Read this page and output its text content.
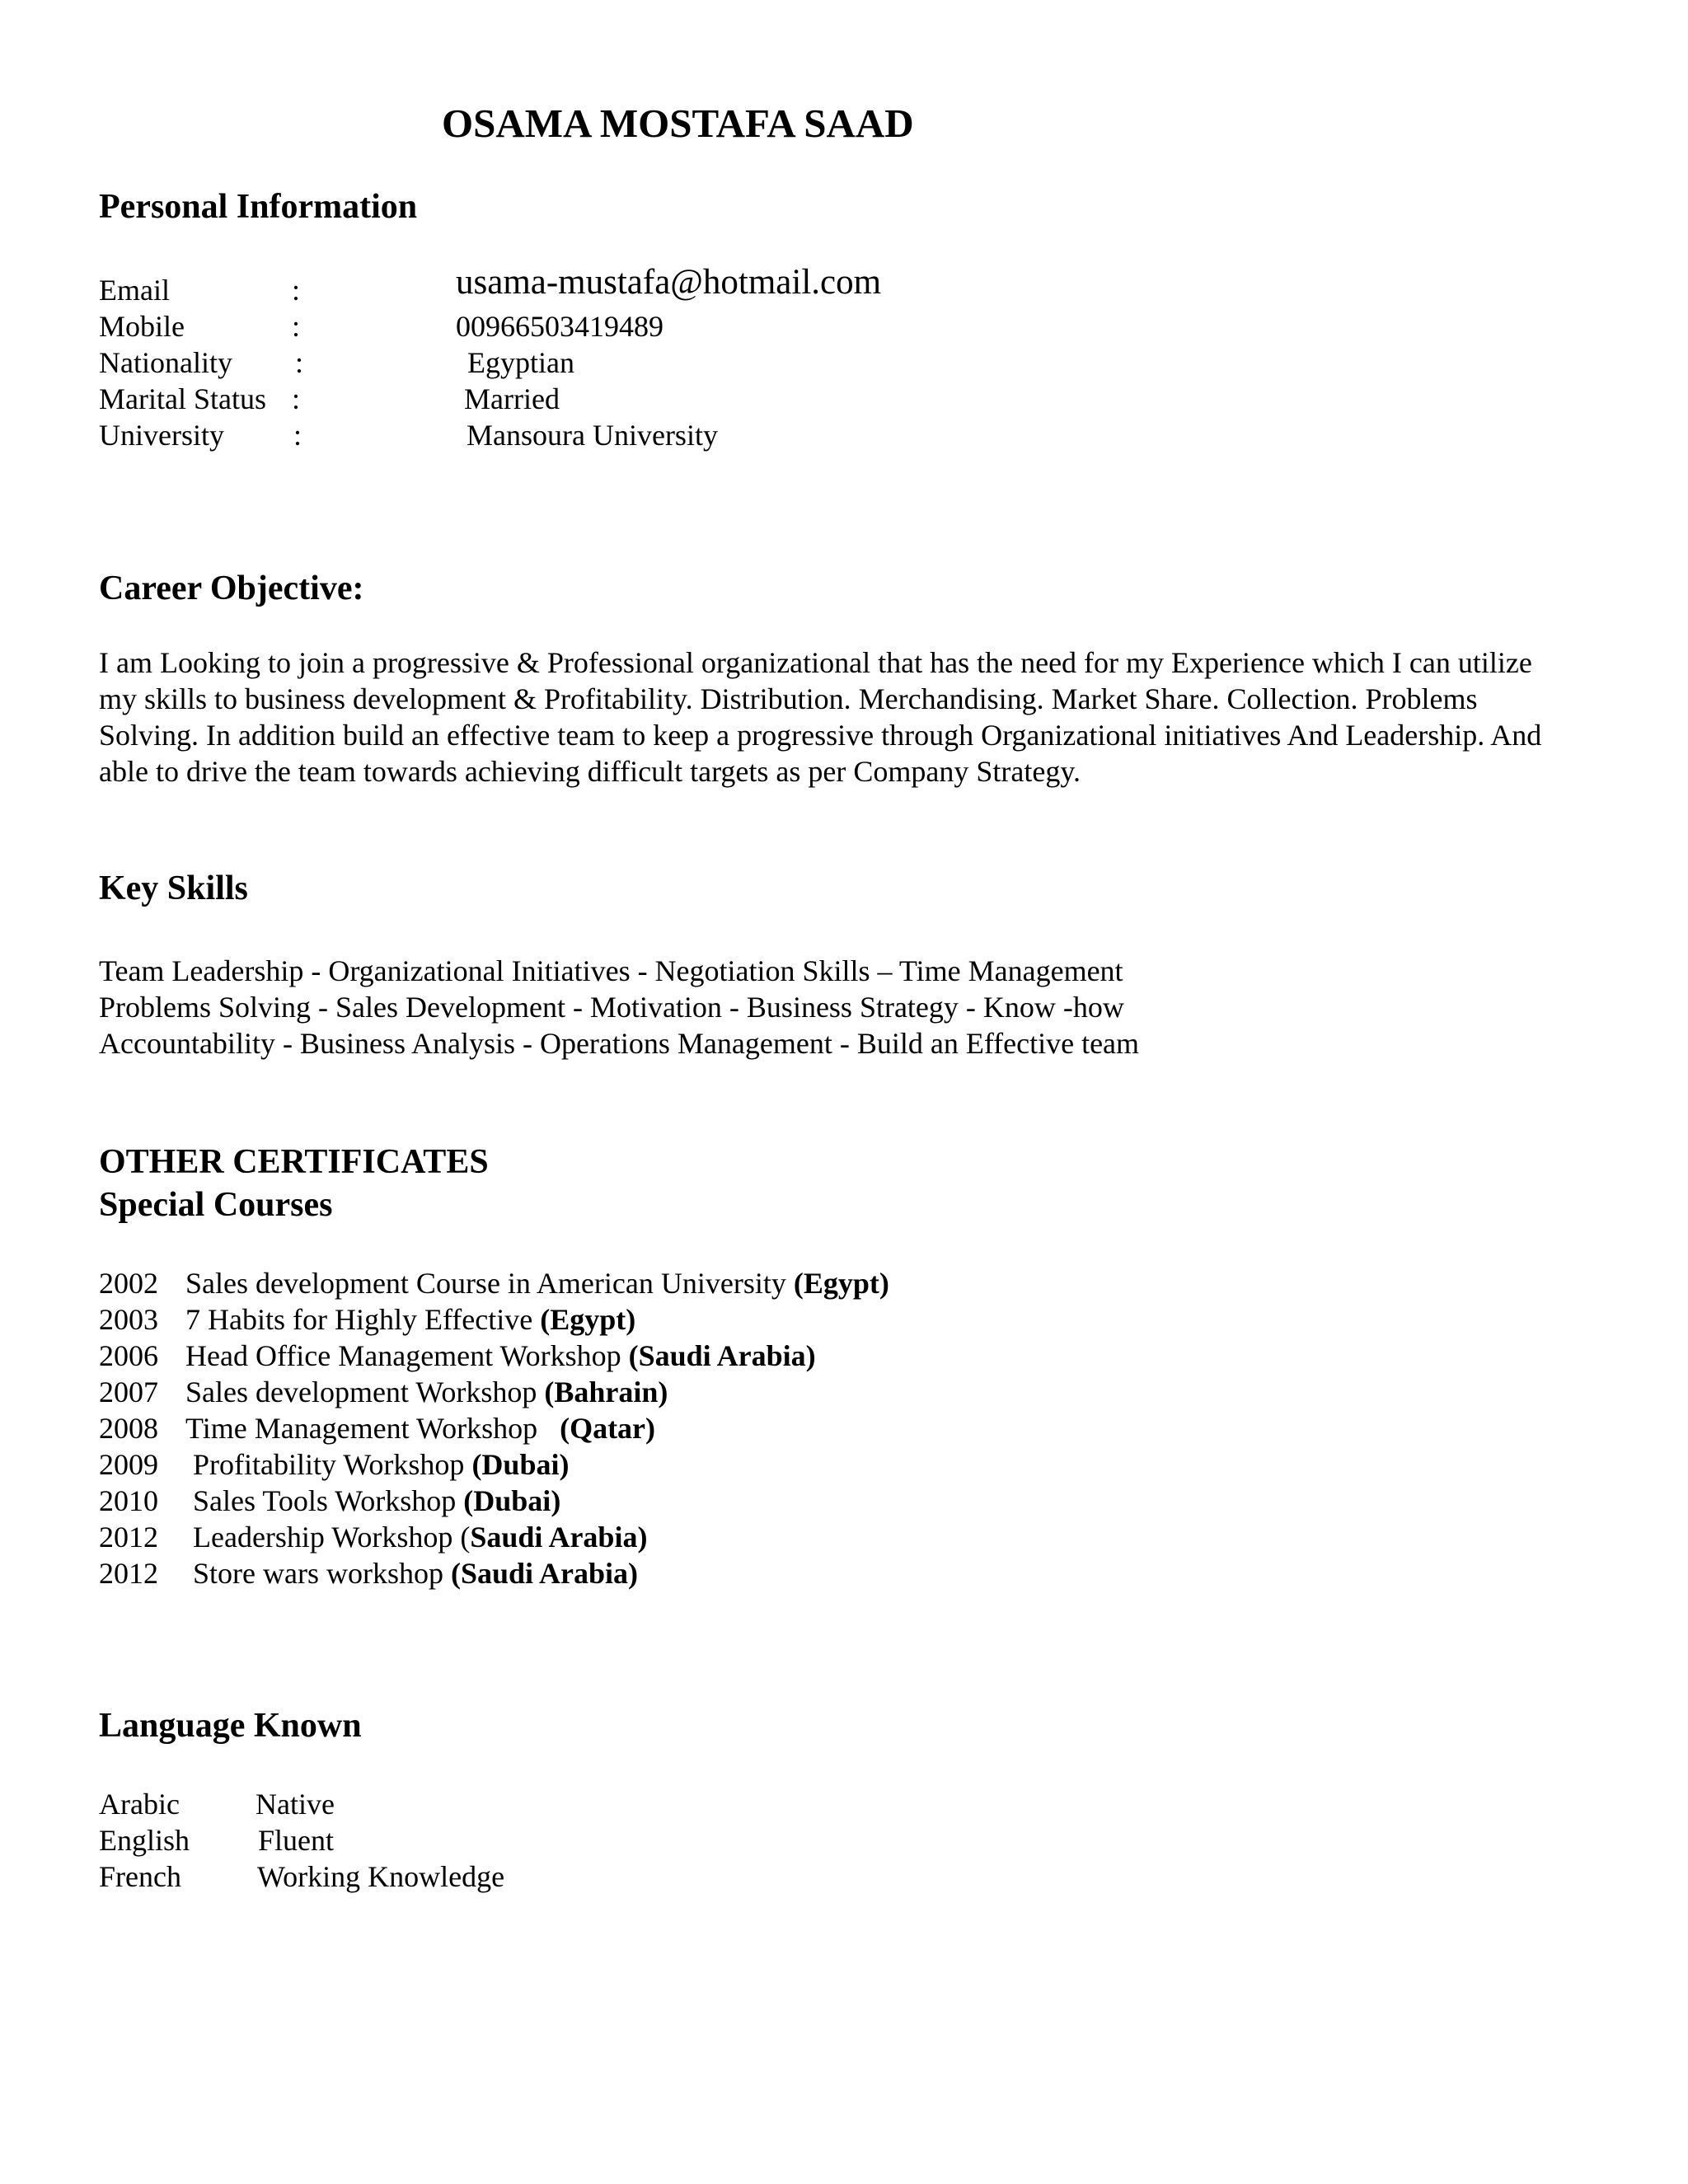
OSAMA MOSTAFA SAAD
Personal Information
Email	:	usama-mustafa@hotmail.com
Mobile	:	00966503419489
Nationality :	Egyptian
Marital Status :	Married
University :	Mansoura University
Career Objective:

I am Looking to join a progressive & Professional organizational that has the need for my Experience which I can utilize my skills to business development & Profitability. Distribution. Merchandising. Market Share. Collection. Problems Solving. In addition build an effective team to keep a progressive through Organizational initiatives And Leadership. And able to drive the team towards achieving difficult targets as per Company Strategy.

Key Skills
Team Leadership - Organizational Initiatives - Negotiation Skills – Time Management
Problems Solving - Sales Development - Motivation - Business Strategy - Know -how
Accountability - Business Analysis - Operations Management - Build an Effective team
OTHER CERTIFICATES
Special Courses
2002 Sales development Course in American University (Egypt)
2003 7 Habits for Highly Effective (Egypt)
2006 Head Office Management Workshop (Saudi Arabia)
2007 Sales development Workshop (Bahrain)
2008 Time Management Workshop   (Qatar)
2009 Profitability Workshop (Dubai)
2010 Sales Tools Workshop (Dubai)
2012 Leadership Workshop (Saudi Arabia)
2012 Store wars workshop (Saudi Arabia)
Language Known
Arabic	Native
English Fluent
French	Working Knowledge
